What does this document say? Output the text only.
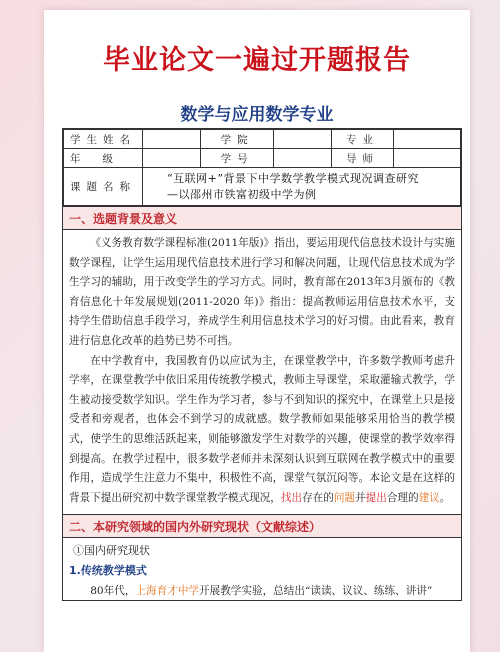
毕业论文一遍过开题报告
数学与应用数学专业
学生姓名		学院		专业	
年级		学号		导师	
课题名称	“互联网+”背景下中学数学教学模式现况调查研究
—以邵州市铁富初级中学为例				
一、选题背景及意义

《义务教育数学课程标准(2011年版)》指出，要运用现代信息技术设计与实施数学课程，让学生运用现代信息技术进行学习和解决问题，让现代信息技术成为学生学习的辅助，用于改变学生的学习方式。同时，教育部在2013年3月颁布的《教育信息化十年发展规划(2011-2020 年)》指出：提高教师运用信息技术水平，支持学生借助信息手段学习，养成学生利用信息技术学习的好习惯。由此看来，教育进行信息化改革的趋势已势不可挡。

在中学教育中，我国教育仍以应试为主，在课堂教学中，许多数学教师考虑升学率，在课堂教学中依旧采用传统教学模式，教师主导课堂，采取灌输式教学，学生被动接受数学知识。学生作为学习者，参与不到知识的探究中，在课堂上只是接受者和旁观者，也体会不到学习的成就感。数学教师如果能够采用恰当的教学模式，使学生的思维活跃起来，则能够激发学生对数学的兴趣，使课堂的教学效率得到提高。在教学过程中，很多数学老师并未深刻认识到互联网在教学模式中的重要作用，造成学生注意力不集中，积极性不高，课堂气氛沉闷等。本论文是在这样的背景下提出研究初中数学课堂教学模式现况，找出存在的问题并提出合理的建议。

二、本研究领域的国内外研究现状（文献综述）
①国内研究现状
1.传统教学模式
80年代，上海育才中学开展教学实验，总结出“读读、议议、练练、讲讲”
